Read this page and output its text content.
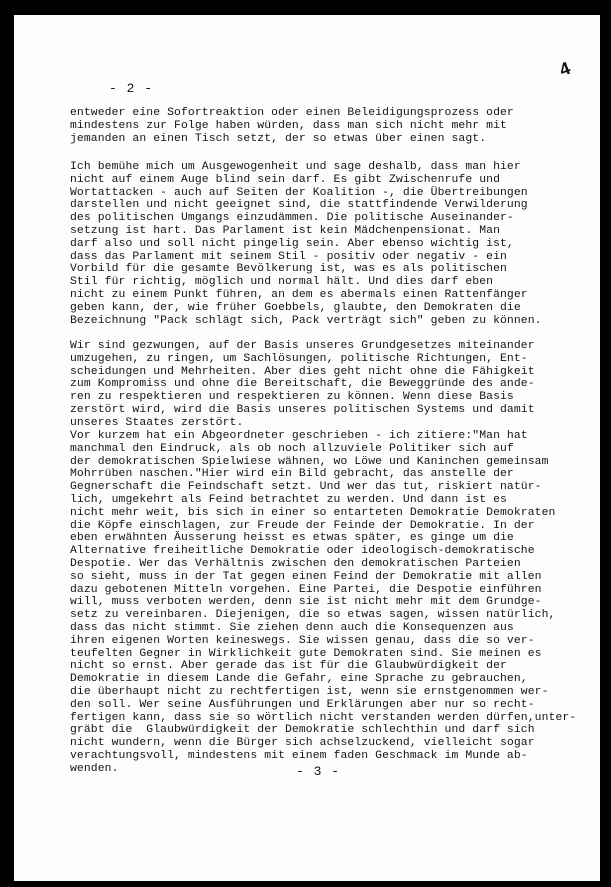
4
- 2 -

entweder eine Sofortreaktion oder einen Beleidigungsprozess oder
mindestens zur Folge haben würden, dass man sich nicht mehr mit
jemanden an einen Tisch setzt, der so etwas über einen sagt.

Ich bemühe mich um Ausgewogenheit und sage deshalb, dass man hier
nicht auf einem Auge blind sein darf. Es gibt Zwischenrufe und
Wortattacken - auch auf Seiten der Koalition -, die Übertreibungen
darstellen und nicht geeignet sind, die stattfindende Verwilderung
des politischen Umgangs einzudämmen. Die politische Auseinander-
setzung ist hart. Das Parlament ist kein Mädchenpensionat. Man
darf also und soll nicht pingelig sein. Aber ebenso wichtig ist,
dass das Parlament mit seinem Stil - positiv oder negativ - ein
Vorbild für die gesamte Bevölkerung ist, was es als politischen
Stil für richtig, möglich und normal hält. Und dies darf eben
nicht zu einem Punkt führen, an dem es abermals einen Rattenfänger
geben kann, der, wie früher Goebbels, glaubte, den Demokraten die
Bezeichnung "Pack schlägt sich, Pack verträgt sich" geben zu können.

Wir sind gezwungen, auf der Basis unseres Grundgesetzes miteinander
umzugehen, zu ringen, um Sachlösungen, politische Richtungen, Ent-
scheidungen und Mehrheiten. Aber dies geht nicht ohne die Fähigkeit
zum Kompromiss und ohne die Bereitschaft, die Beweggründe des ande-
ren zu respektieren und respektieren zu können. Wenn diese Basis
zerstört wird, wird die Basis unseres politischen Systems und damit
unseres Staates zerstört.

Vor kurzem hat ein Abgeordneter geschrieben - ich zitiere:"Man hat
manchmal den Eindruck, als ob noch allzuviele Politiker sich auf
der demokratischen Spielwiese wähnen, wo Löwe und Kaninchen gemeinsam
Mohrrüben naschen."Hier wird ein Bild gebracht, das anstelle der
Gegnerschaft die Feindschaft setzt. Und wer das tut, riskiert natür-
lich, umgekehrt als Feind betrachtet zu werden. Und dann ist es
nicht mehr weit, bis sich in einer so entarteten Demokratie Demokraten
die Köpfe einschlagen, zur Freude der Feinde der Demokratie. In der
eben erwähnten Äusserung heisst es etwas später, es ginge um die
Alternative freiheitliche Demokratie oder ideologisch-demokratische
Despotie. Wer das Verhältnis zwischen den demokratischen Parteien
so sieht, muss in der Tat gegen einen Feind der Demokratie mit allen
dazu gebotenen Mitteln vorgehen. Eine Partei, die Despotie einführen
will, muss verboten werden, denn sie ist nicht mehr mit dem Grundge-
setz zu vereinbaren. Diejenigen, die so etwas sagen, wissen natürlich,
dass das nicht stimmt. Sie ziehen denn auch die Konsequenzen aus
ihren eigenen Worten keineswegs. Sie wissen genau, dass die so ver-
teufelten Gegner in Wirklichkeit gute Demokraten sind. Sie meinen es
nicht so ernst. Aber gerade das ist für die Glaubwürdigkeit der
Demokratie in diesem Lande die Gefahr, eine Sprache zu gebrauchen,
die überhaupt nicht zu rechtfertigen ist, wenn sie ernstgenommen wer-
den soll. Wer seine Ausführungen und Erklärungen aber nur so recht-
fertigen kann, dass sie so wörtlich nicht verstanden werden dürfen,unter-
gräbt die  Glaubwürdigkeit der Demokratie schlechthin und darf sich
nicht wundern, wenn die Bürger sich achselzuckend, vielleicht sogar
verachtungsvoll, mindestens mit einem faden Geschmack im Munde ab-
wenden.	- 3 -
